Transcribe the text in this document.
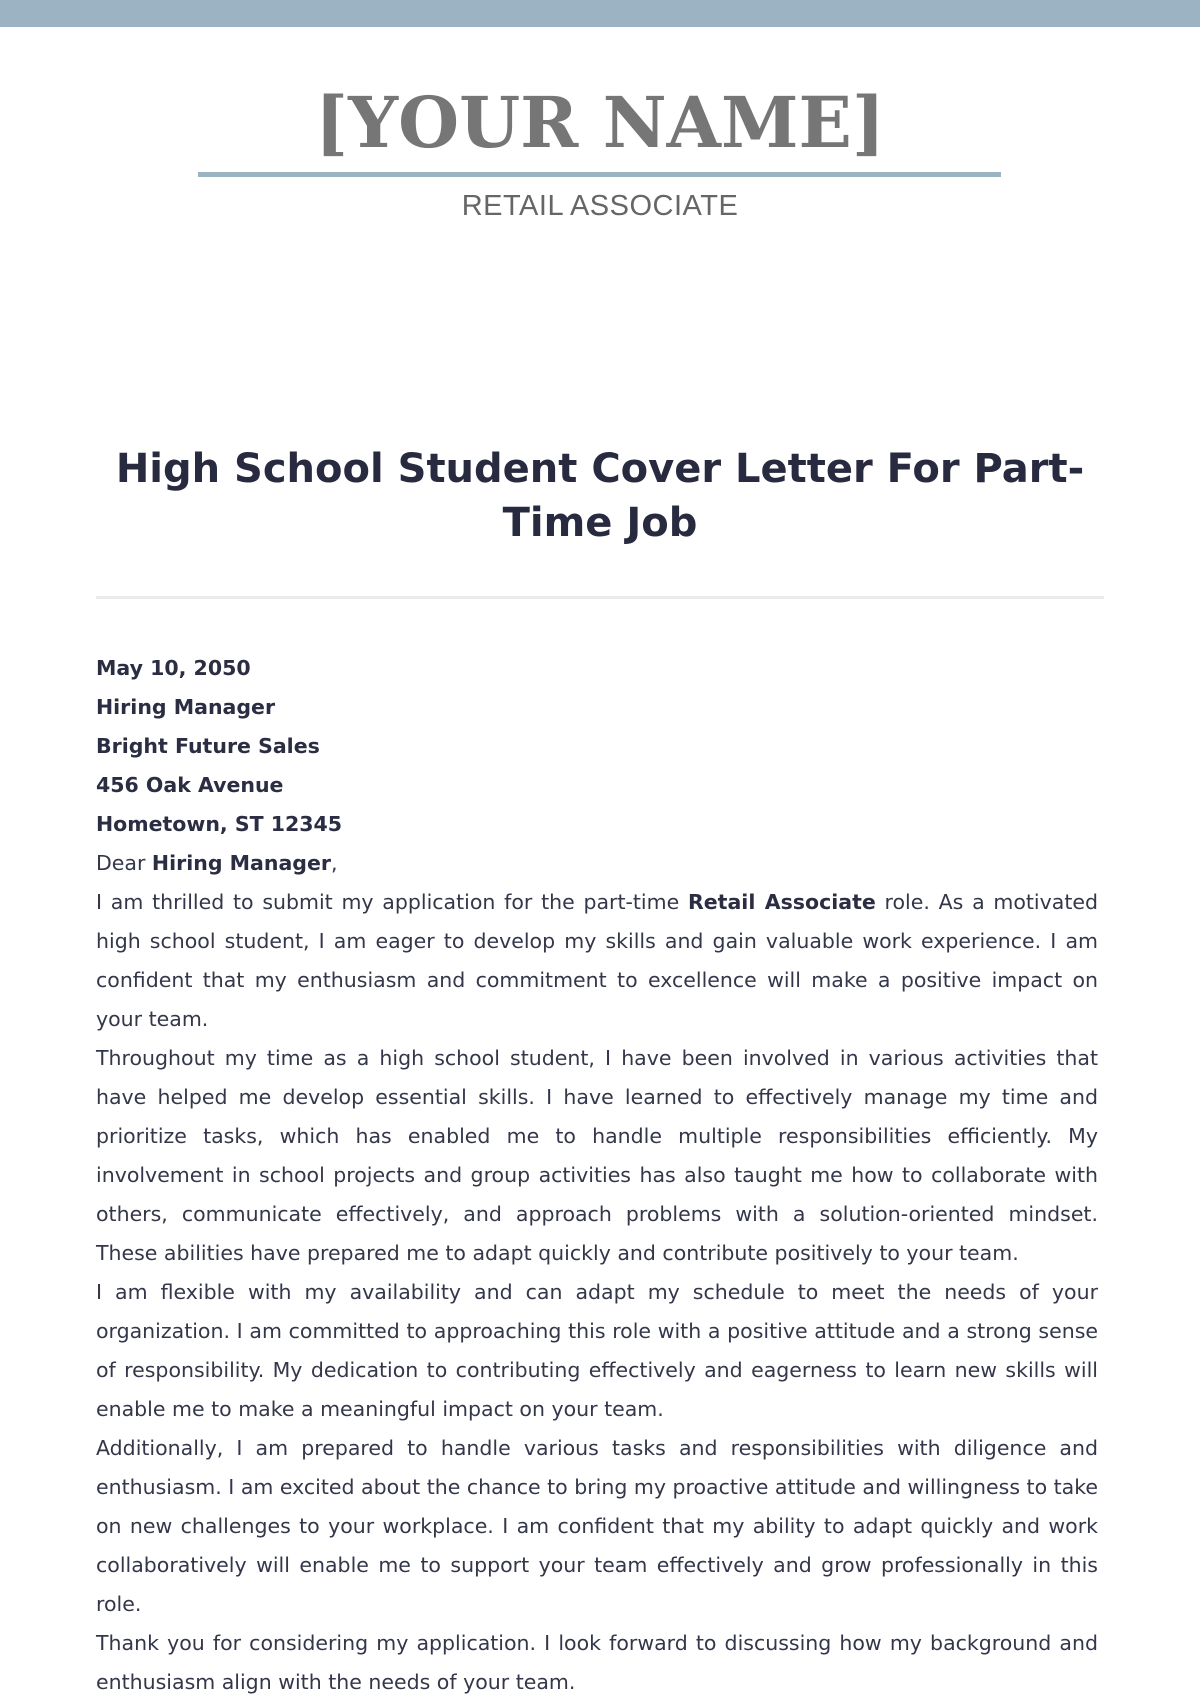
[YOUR NAME]
RETAIL ASSOCIATE
High School Student Cover Letter For Part-Time Job

May 10, 2050

Hiring Manager

Bright Future Sales

456 Oak Avenue

Hometown, ST 12345

Dear Hiring Manager,

I am thrilled to submit my application for the part-time Retail Associate role. As a motivated high school student, I am eager to develop my skills and gain valuable work experience. I am confident that my enthusiasm and commitment to excellence will make a positive impact on your team.

Throughout my time as a high school student, I have been involved in various activities that have helped me develop essential skills. I have learned to effectively manage my time and prioritize tasks, which has enabled me to handle multiple responsibilities efficiently. My involvement in school projects and group activities has also taught me how to collaborate with others, communicate effectively, and approach problems with a solution-oriented mindset. These abilities have prepared me to adapt quickly and contribute positively to your team.

I am flexible with my availability and can adapt my schedule to meet the needs of your organization. I am committed to approaching this role with a positive attitude and a strong sense of responsibility. My dedication to contributing effectively and eagerness to learn new skills will enable me to make a meaningful impact on your team.

Additionally, I am prepared to handle various tasks and responsibilities with diligence and enthusiasm. I am excited about the chance to bring my proactive attitude and willingness to take on new challenges to your workplace. I am confident that my ability to adapt quickly and work collaboratively will enable me to support your team effectively and grow professionally in this role.

Thank you for considering my application. I look forward to discussing how my background and enthusiasm align with the needs of your team.
